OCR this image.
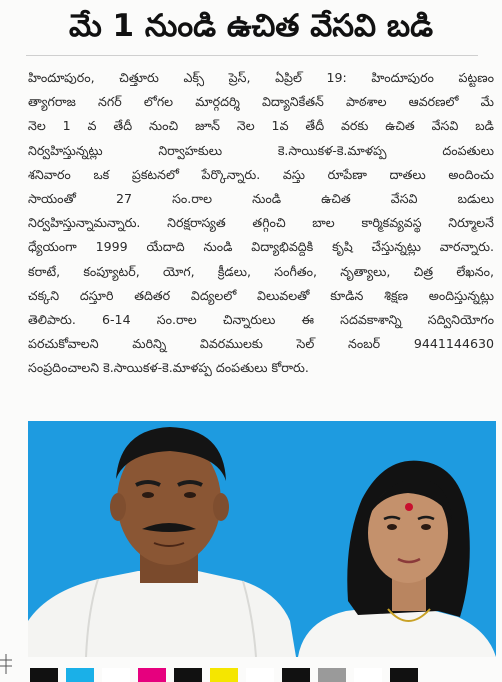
మే 1 నుండి ఉచిత వేసవి బడి
హిందూపురం, చిత్తూరు ఎక్స్ ప్రెస్, ఏప్రిల్ 19: హిందూపురం పట్టణం
త్యాగరాజ నగర్ లోగల మార్గదర్శి విద్యానికేతన్ పాఠశాల ఆవరణలో మే
నెల 1 వ తేదీ నుంచి జూన్ నెల 1వ తేదీ వరకు ఉచిత వేసవి బడి
నిర్వహిస్తున్నట్లు నిర్వాహకులు కె.సాయికళ-కె.మాళప్ప దంపతులు
శనివారం ఒక ప్రకటనలో పేర్కొన్నారు. వస్తు రూపేణా దాతలు అందించు
సాయంతో 27 సం.రాల నుండి ఉచిత వేసవి బడులు
నిర్వహిస్తున్నామన్నారు. నిరక్షరాస్యత తగ్గించి బాల కార్మికవ్యవస్థ నిర్మూలనే
ధ్యేయంగా 1999 యేదాది నుండి విద్యాభివద్దికి కృషి చేస్తున్నట్లు వారన్నారు.
కరాటే, కంప్యూటర్, యోగ, క్రీడలు, సంగీతం, నృత్యాలు, చిత్ర లేఖనం,
చక్కని దస్తూరి తదితర విద్యలలో విలువలతో కూడిన శిక్షణ అందిస్తున్నట్లు
తెలిపారు. 6-14 సం.రాల చిన్నారులు ఈ సదవకాశాన్ని సద్వినియోగం
పరచుకోవాలని మరిన్ని వివరములకు సెల్ నంబర్ 9441144630
సంప్రదించాలని కె.సాయికళ-కె.మాళప్ప దంపతులు కోరారు.
